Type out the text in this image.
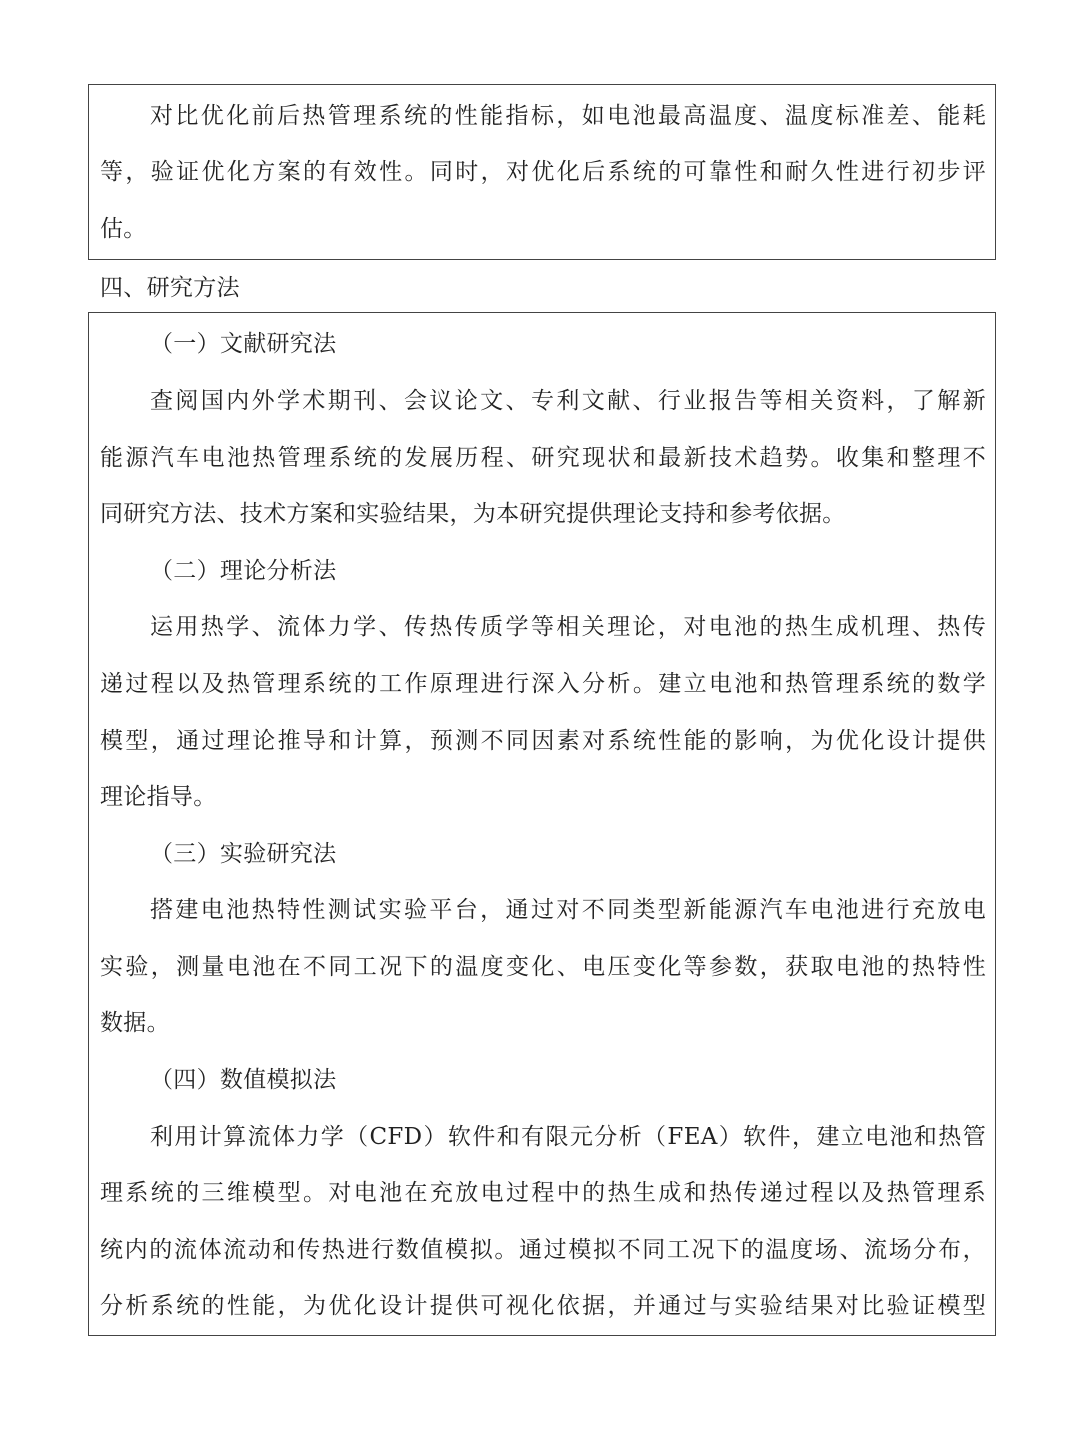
对比优化前后热管理系统的性能指标，如电池最高温度、温度标准差、能耗
等，验证优化方案的有效性。同时，对优化后系统的可靠性和耐久性进行初步评
估。
四、研究方法
（一）文献研究法
查阅国内外学术期刊、会议论文、专利文献、行业报告等相关资料，了解新
能源汽车电池热管理系统的发展历程、研究现状和最新技术趋势。收集和整理不
同研究方法、技术方案和实验结果，为本研究提供理论支持和参考依据。
（二）理论分析法
运用热学、流体力学、传热传质学等相关理论，对电池的热生成机理、热传
递过程以及热管理系统的工作原理进行深入分析。建立电池和热管理系统的数学
模型，通过理论推导和计算，预测不同因素对系统性能的影响，为优化设计提供
理论指导。
（三）实验研究法
搭建电池热特性测试实验平台，通过对不同类型新能源汽车电池进行充放电
实验，测量电池在不同工况下的温度变化、电压变化等参数，获取电池的热特性
数据。
（四）数值模拟法
利用计算流体力学（CFD）软件和有限元分析（FEA）软件，建立电池和热管
理系统的三维模型。对电池在充放电过程中的热生成和热传递过程以及热管理系
统内的流体流动和传热进行数值模拟。通过模拟不同工况下的温度场、流场分布，
分析系统的性能，为优化设计提供可视化依据，并通过与实验结果对比验证模型
